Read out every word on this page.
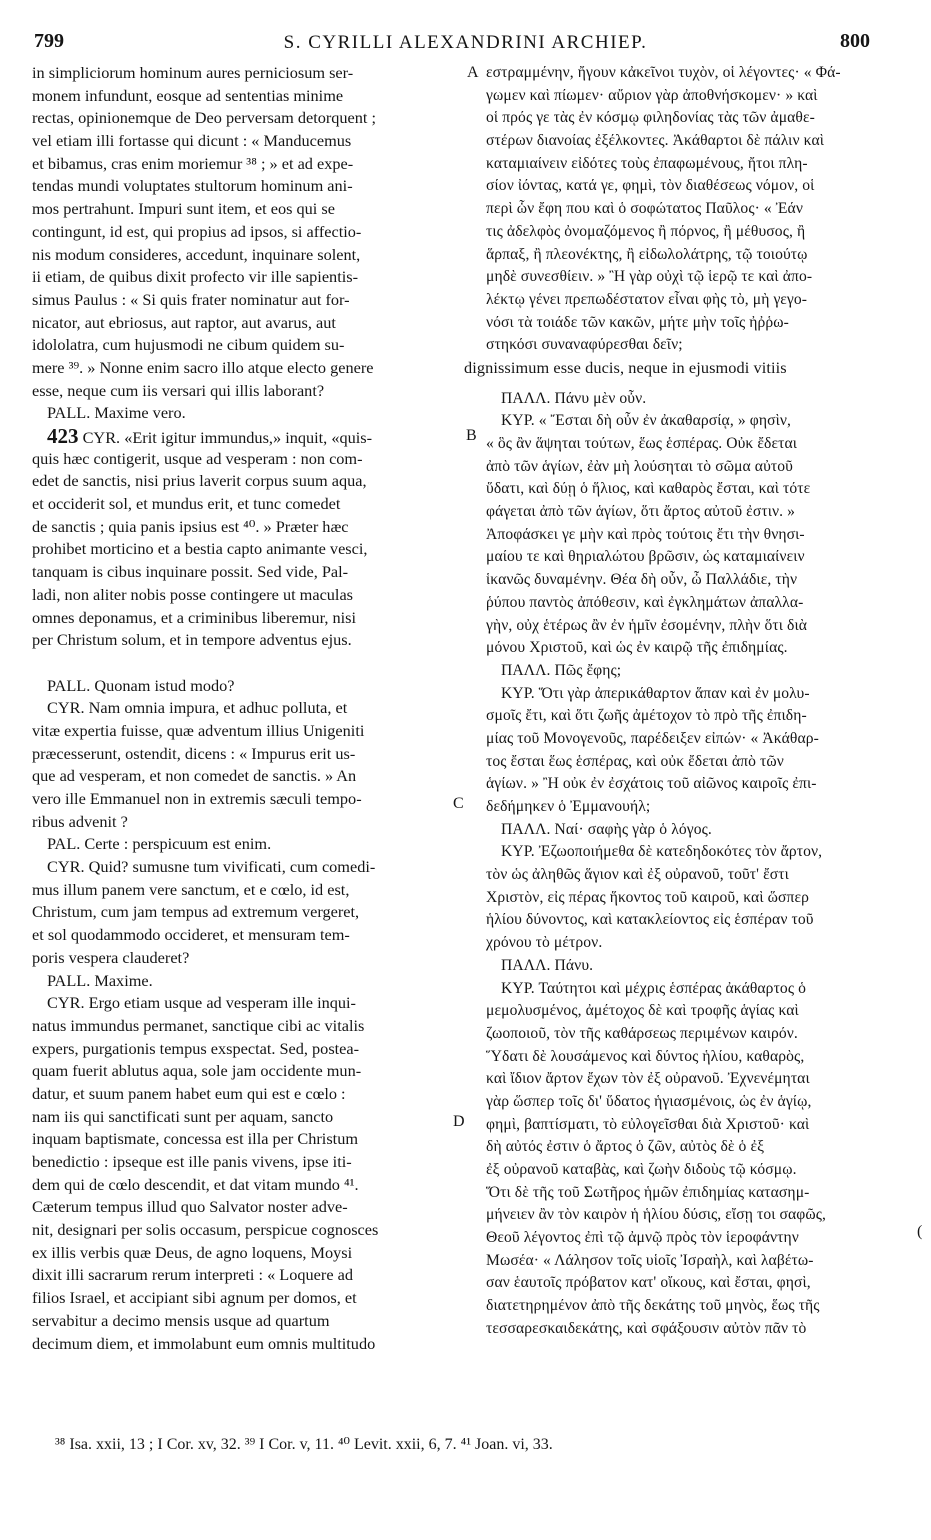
799	S. CYRILLI ALEXANDRINI ARCHIEP.	800
in simpliciorum hominum aures perniciosum ser-
monem infundunt, eosque ad sententias minime
rectas, opinionemque de Deo perversam detorquent ;
vel etiam illi fortasse qui dicunt : « Manducemus
et bibamus, cras enim moriemur ³⁸ ; » et ad expe-
tendas mundi voluptates stultorum hominum ani-
mos pertrahunt. Impuri sunt item, et eos qui se
contingunt, id est, qui propius ad ipsos, si affectio-
nis modum consideres, accedunt, inquinare solent,
ii etiam, de quibus dixit profecto vir ille sapientis-
simus Paulus : « Si quis frater nominatur aut for-
nicator, aut ebriosus, aut raptor, aut avarus, aut
idololatra, cum hujusmodi ne cibum quidem su-
mere ³⁹. » Nonne enim sacro illo atque electo genere
esse, neque cum iis versari qui illis laborant?
PALL. Maxime vero.
423 CYR. «Erit igitur immundus,» inquit, «quis-
quis hæc contigerit, usque ad vesperam : non com-
edet de sanctis, nisi prius laverit corpus suum aqua,
et occiderit sol, et mundus erit, et tunc comedet
de sanctis ; quia panis ipsius est ⁴⁰. » Præter hæc
prohibet morticino et a bestia capto animante vesci,
tanquam is cibus inquinare possit. Sed vide, Pal-
ladi, non aliter nobis posse contingere ut maculas
omnes deponamus, et a criminibus liberemur, nisi
per Christum solum, et in tempore adventus ejus.
PALL. Quonam istud modo?
CYR. Nam omnia impura, et adhuc polluta, et
vitæ expertia fuisse, quæ adventum illius Unigeniti
præcesserunt, ostendit, dicens : « Impurus erit us-
que ad vesperam, et non comedet de sanctis. » An
vero ille Emmanuel non in extremis sæculi tempo-
ribus advenit ?
PAL. Certe : perspicuum est enim.
CYR. Quid? sumusne tum vivificati, cum comedi-
mus illum panem vere sanctum, et e cœlo, id est,
Christum, cum jam tempus ad extremum vergeret,
et sol quodammodo occideret, et mensuram tem-
poris vespera clauderet?
PALL. Maxime.
CYR. Ergo etiam usque ad vesperam ille inqui-
natus immundus permanet, sanctique cibi ac vitalis
expers, purgationis tempus exspectat. Sed, postea-
quam fuerit ablutus aqua, sole jam occidente mun-
datur, et suum panem habet eum qui est e cœlo :
nam iis qui sanctificati sunt per aquam, sancto
inquam baptismate, concessa est illa per Christum
benedictio : ipseque est ille panis vivens, ipse iti-
dem qui de cœlo descendit, et dat vitam mundo ⁴¹.
Cæterum tempus illud quo Salvator noster adve-
nit, designari per solis occasum, perspicue cognosces
ex illis verbis quæ Deus, de agno loquens, Moysi
dixit illi sacrarum rerum interpreti : « Loquere ad
filios Israel, et accipiant sibi agnum per domos, et
servabitur a decimo mensis usque ad quartum
decimum diem, et immolabunt eum omnis multitudo
A
B
C
D
(
εστραμμένην, ἤγουν κἀκεῖνοι τυχὸν, οἱ λέγοντες· « Φά-
γωμεν καὶ πίωμεν· αὔριον γὰρ ἀποθνήσκομεν· » καὶ
οἱ πρός γε τὰς ἐν κόσμῳ φιληδονίας τὰς τῶν ἀμαθε-
στέρων διανοίας ἐξέλκοντες. Ἀκάθαρτοι δὲ πάλιν καὶ
καταμιαίνειν εἰδότες τοὺς ἐπαφωμένους, ἤτοι πλη-
σίον ἰόντας, κατά γε, φημὶ, τὸν διαθέσεως νόμον, οἱ
περὶ ὧν ἔφη που καὶ ὁ σοφώτατος Παῦλος· « Ἐάν
τις ἀδελφὸς ὀνομαζόμενος ἢ πόρνος, ἢ μέθυσος, ἢ
ἅρπαξ, ἢ πλεονέκτης, ἢ εἰδωλολάτρης, τῷ τοιούτῳ
μηδὲ συνεσθίειν. » Ἢ γὰρ οὐχὶ τῷ ἱερῷ τε καὶ ἀπο-
λέκτῳ γένει πρεπωδέστατον εἶναι φὴς τὸ, μὴ γεγο-
νόσι τὰ τοιάδε τῶν κακῶν, μήτε μὴν τοῖς ἠῤῥω-
στηκόσι συναναφύρεσθαι δεῖν;
dignissimum esse ducis, neque in ejusmodi vitiis
ΠΑΛΛ. Πάνυ μὲν οὖν.
ΚΥΡ. « Ἔσται δὴ οὖν ἐν ἀκαθαρσίᾳ, » φησὶν,
« ὃς ἂν ἅψηται τούτων, ἕως ἑσπέρας. Οὐκ ἔδεται
ἀπὸ τῶν ἁγίων, ἐὰν μὴ λούσηται τὸ σῶμα αὐτοῦ
ὕδατι, καὶ δύῃ ὁ ἥλιος, καὶ καθαρὸς ἔσται, καὶ τότε
φάγεται ἀπὸ τῶν ἁγίων, ὅτι ἄρτος αὐτοῦ ἐστιν. »
Ἀποφάσκει γε μὴν καὶ πρὸς τούτοις ἔτι τὴν θνησι-
μαίου τε καὶ θηριαλώτου βρῶσιν, ὡς καταμιαίνειν
ἱκανῶς δυναμένην. Θέα δὴ οὖν, ὦ Παλλάδιε, τὴν
ῥύπου παντὸς ἀπόθεσιν, καὶ ἐγκλημάτων ἀπαλλα-
γὴν, οὐχ ἑτέρως ἂν ἐν ἡμῖν ἐσομένην, πλὴν ὅτι διὰ
μόνου Χριστοῦ, καὶ ὡς ἐν καιρῷ τῆς ἐπιδημίας.
ΠΑΛΛ. Πῶς ἔφης;
ΚΥΡ. Ὅτι γὰρ ἀπερικάθαρτον ἅπαν καὶ ἐν μολυ-
σμοῖς ἔτι, καὶ ὅτι ζωῆς ἀμέτοχον τὸ πρὸ τῆς ἐπιδη-
μίας τοῦ Μονογενοῦς, παρέδειξεν εἰπών· « Ἀκάθαρ-
τος ἔσται ἕως ἑσπέρας, καὶ οὐκ ἔδεται ἀπὸ τῶν
ἁγίων. » Ἢ οὐκ ἐν ἐσχάτοις τοῦ αἰῶνος καιροῖς ἐπι-
δεδήμηκεν ὁ Ἐμμανουήλ;
ΠΑΛΛ. Ναί· σαφὴς γὰρ ὁ λόγος.
ΚΥΡ. Ἐζωοποιήμεθα δὲ κατεδηδοκότες τὸν ἄρτον,
τὸν ὡς ἀληθῶς ἅγιον καὶ ἐξ οὐρανοῦ, τοῦτ' ἔστι
Χριστὸν, εἰς πέρας ἥκοντος τοῦ καιροῦ, καὶ ὥσπερ
ἡλίου δύνοντος, καὶ κατακλείοντος εἰς ἑσπέραν τοῦ
χρόνου τὸ μέτρον.
ΠΑΛΛ. Πάνυ.
ΚΥΡ. Ταύτητοι καὶ μέχρις ἑσπέρας ἀκάθαρτος ὁ
μεμολυσμένος, ἀμέτοχος δὲ καὶ τροφῆς ἁγίας καὶ
ζωοποιοῦ, τὸν τῆς καθάρσεως περιμένων καιρόν.
Ὕδατι δὲ λουσάμενος καὶ δύντος ἡλίου, καθαρὸς,
καὶ ἴδιον ἄρτον ἔχων τὸν ἐξ οὐρανοῦ. Ἐχνενέμηται
γὰρ ὥσπερ τοῖς δι' ὕδατος ἡγιασμένοις, ὡς ἐν ἁγίῳ,
φημὶ, βαπτίσματι, τὸ εὐλογεῖσθαι διὰ Χριστοῦ· καὶ
δὴ αὐτός ἐστιν ὁ ἄρτος ὁ ζῶν, αὐτὸς δὲ ὁ ἐξ
ἐξ οὐρανοῦ καταβὰς, καὶ ζωὴν διδοὺς τῷ κόσμῳ.
Ὅτι δὲ τῆς τοῦ Σωτῆρος ἡμῶν ἐπιδημίας κατασημ-
μήνειεν ἂν τὸν καιρὸν ἡ ἡλίου δύσις, εἴσῃ τοι σαφῶς,
Θεοῦ λέγοντος ἐπὶ τῷ ἀμνῷ πρὸς τὸν ἱεροφάντην
Μωσέα· « Λάλησον τοῖς υἱοῖς Ἰσραὴλ, καὶ λαβέτω-
σαν ἑαυτοῖς πρόβατον κατ' οἴκους, καὶ ἔσται, φησὶ,
διατετηρημένον ἀπὸ τῆς δεκάτης τοῦ μηνὸς, ἕως τῆς
τεσσαρεσκαιδεκάτης, καὶ σφάξουσιν αὐτὸν πᾶν τὸ
³⁸ Isa. xxii, 13 ; I Cor. xv, 32. ³⁹ I Cor. v, 11. ⁴⁰ Levit. xxii, 6, 7. ⁴¹ Joan. vi, 33.
